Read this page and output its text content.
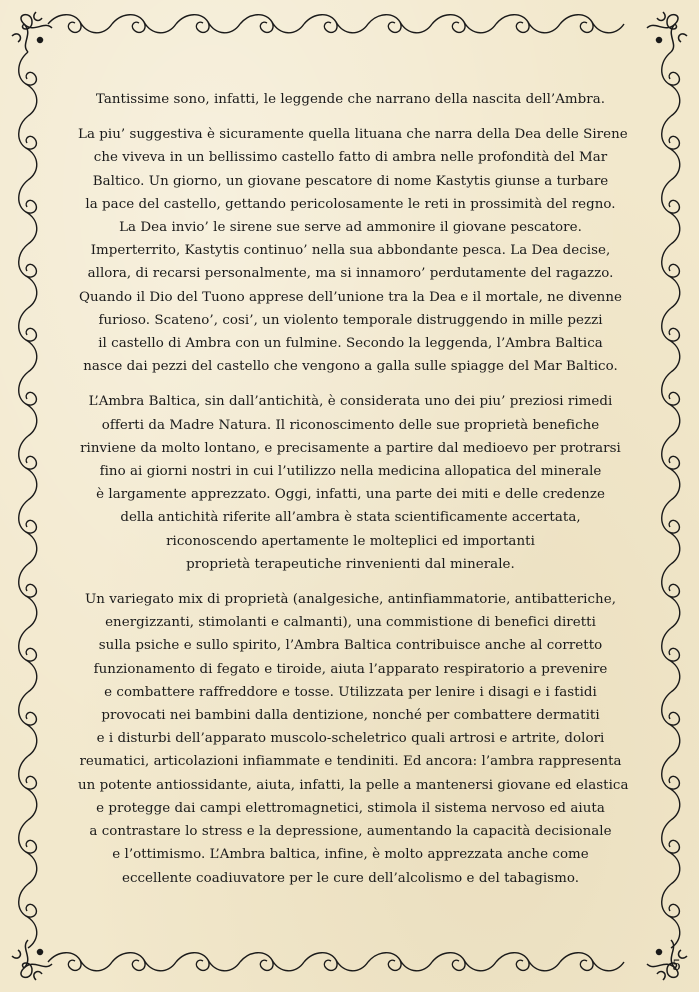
Tantissime sono, infatti, le leggende che narrano della nascita dell’Ambra.

La piu’ suggestiva è sicuramente quella lituana che narra della Dea delle Sirene
che viveva in un bellissimo castello fatto di ambra nelle profondità del Mar
Baltico. Un giorno, un giovane pescatore di nome Kastytis giunse a turbare
la pace del castello, gettando pericolosamente le reti in prossimità del regno.
La Dea invio’ le sirene sue serve ad ammonire il giovane pescatore.
Imperterrito, Kastytis continuo’ nella sua abbondante pesca. La Dea decise,
allora, di recarsi personalmente, ma si innamoro’ perdutamente del ragazzo.
Quando il Dio del Tuono apprese dell’unione tra la Dea e il mortale, ne divenne
furioso. Scateno’, cosi’, un violento temporale distruggendo in mille pezzi
il castello di Ambra con un fulmine. Secondo la leggenda, l’Ambra Baltica
nasce dai pezzi del castello che vengono a galla sulle spiagge del Mar Baltico.

L’Ambra Baltica, sin dall’antichità, è considerata uno dei piu’ preziosi rimedi
offerti da Madre Natura. Il riconoscimento delle sue proprietà benefiche
rinviene da molto lontano, e precisamente a partire dal medioevo per protrarsi
fino ai giorni nostri in cui l’utilizzo nella medicina allopatica del minerale
è largamente apprezzato. Oggi, infatti, una parte dei miti e delle credenze
della antichità riferite all’ambra è stata scientificamente accertata,
riconoscendo apertamente le molteplici ed importanti
proprietà terapeutiche rinvenienti dal minerale.

Un variegato mix di proprietà (analgesiche, antinfiammatorie, antibatteriche,
energizzanti, stimolanti e calmanti), una commistione di benefici diretti
sulla psiche e sullo spirito, l’Ambra Baltica contribuisce anche al corretto
funzionamento di fegato e tiroide, aiuta l’apparato respiratorio a prevenire
e combattere raffreddore e tosse. Utilizzata per lenire i disagi e i fastidi
provocati nei bambini dalla dentizione, nonché per combattere dermatiti
e i disturbi dell’apparato muscolo-scheletrico quali artrosi e artrite, dolori
reumatici, articolazioni infiammate e tendiniti. Ed ancora: l’ambra rappresenta
un potente antiossidante, aiuta, infatti, la pelle a mantenersi giovane ed elastica
e protegge dai campi elettromagnetici, stimola il sistema nervoso ed aiuta
a contrastare lo stress e la depressione, aumentando la capacità decisionale
e l’ottimismo. L’Ambra baltica, infine, è molto apprezzata anche come
eccellente coadiuvatore per le cure dell’alcolismo e del tabagismo.

5
